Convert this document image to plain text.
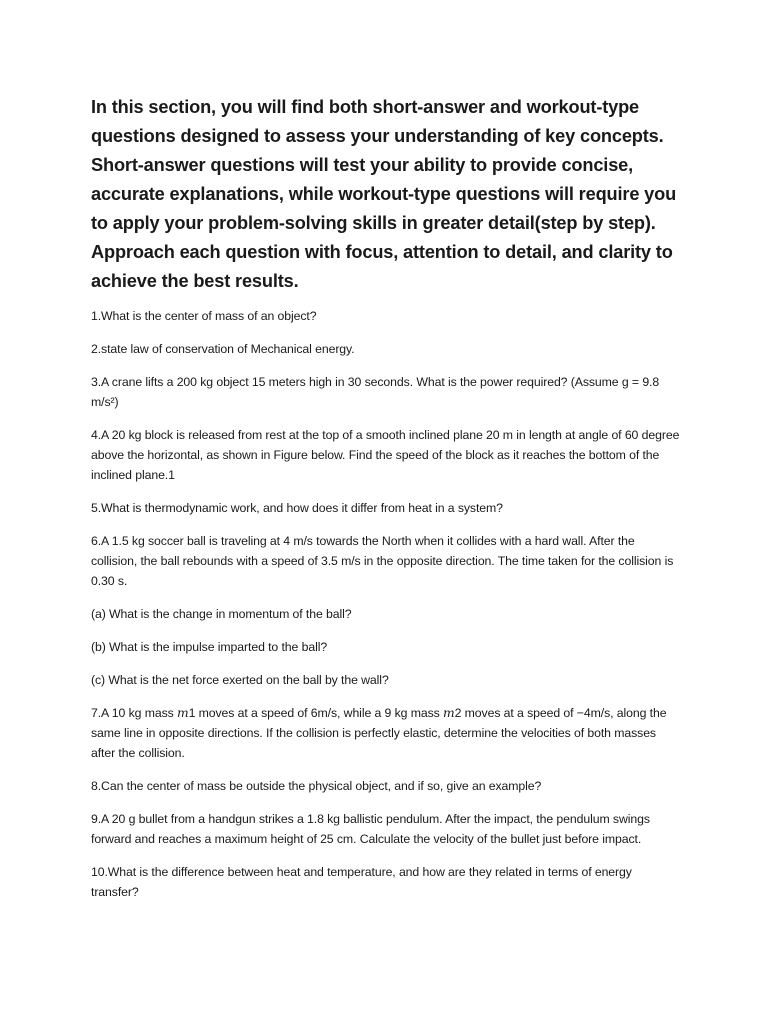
In this section, you will find both short-answer and workout-type questions designed to assess your understanding of key concepts. Short-answer questions will test your ability to provide concise, accurate explanations, while workout-type questions will require you to apply your problem-solving skills in greater detail(step by step). Approach each question with focus, attention to detail, and clarity to achieve the best results.

1.What is the center of mass of an object?

2.state law of conservation of Mechanical energy.

3.A crane lifts a 200 kg object 15 meters high in 30 seconds. What is the power required? (Assume g = 9.8 m/s²)

4.A 20 kg block is released from rest at the top of a smooth inclined plane 20 m in length at angle of 60 degree above the horizontal, as shown in Figure below. Find the speed of the block as it reaches the bottom of the inclined plane.1

5.What is thermodynamic work, and how does it differ from heat in a system?

6.A 1.5 kg soccer ball is traveling at 4 m/s towards the North when it collides with a hard wall. After the collision, the ball rebounds with a speed of 3.5 m/s in the opposite direction. The time taken for the collision is 0.30 s.

(a) What is the change in momentum of the ball?

(b) What is the impulse imparted to the ball?

(c) What is the net force exerted on the ball by the wall?

7.A 10 kg mass m1 moves at a speed of 6m/s, while a 9 kg mass m2 moves at a speed of −4m/s, along the same line in opposite directions. If the collision is perfectly elastic, determine the velocities of both masses after the collision.

8.Can the center of mass be outside the physical object, and if so, give an example?

9.A 20 g bullet from a handgun strikes a 1.8 kg ballistic pendulum. After the impact, the pendulum swings forward and reaches a maximum height of 25 cm. Calculate the velocity of the bullet just before impact.

10.What is the difference between heat and temperature, and how are they related in terms of energy transfer?
